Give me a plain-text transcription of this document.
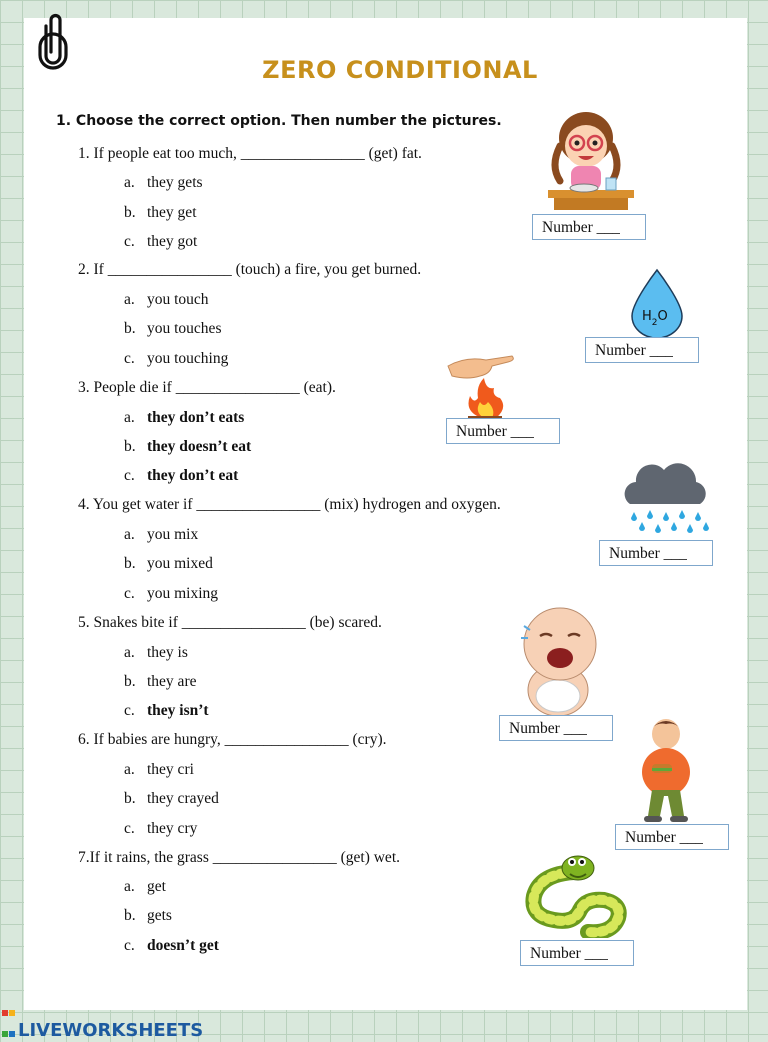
ZERO CONDITIONAL
1. Choose the correct option. Then number the pictures.
1. If people eat too much, ________________ (get) fat.
a. they gets
b. they get
c. they got
2. If ________________ (touch) a fire, you get burned.
a. you touch
b. you touches
c. you touching
3. People die if ________________ (eat).
a. they don’t eats
b. they doesn’t eat
c. they don’t eat
4. You get water if ________________ (mix) hydrogen and oxygen.
a. you mix
b. you mixed
c. you mixing
5. Snakes bite if ________________ (be) scared.
a. they is
b. they are
c. they isn’t
6. If babies are hungry, ________________ (cry).
a. they cri
b. they crayed
c. they cry
7.If it rains, the grass ________________ (get) wet.
a. get
b. gets
c. doesn’t get
Number ___
$H_2O$
Number ___
Number ___
Number ___
Number ___
Number ___
Number ___

LIVEWORKSHEETS
